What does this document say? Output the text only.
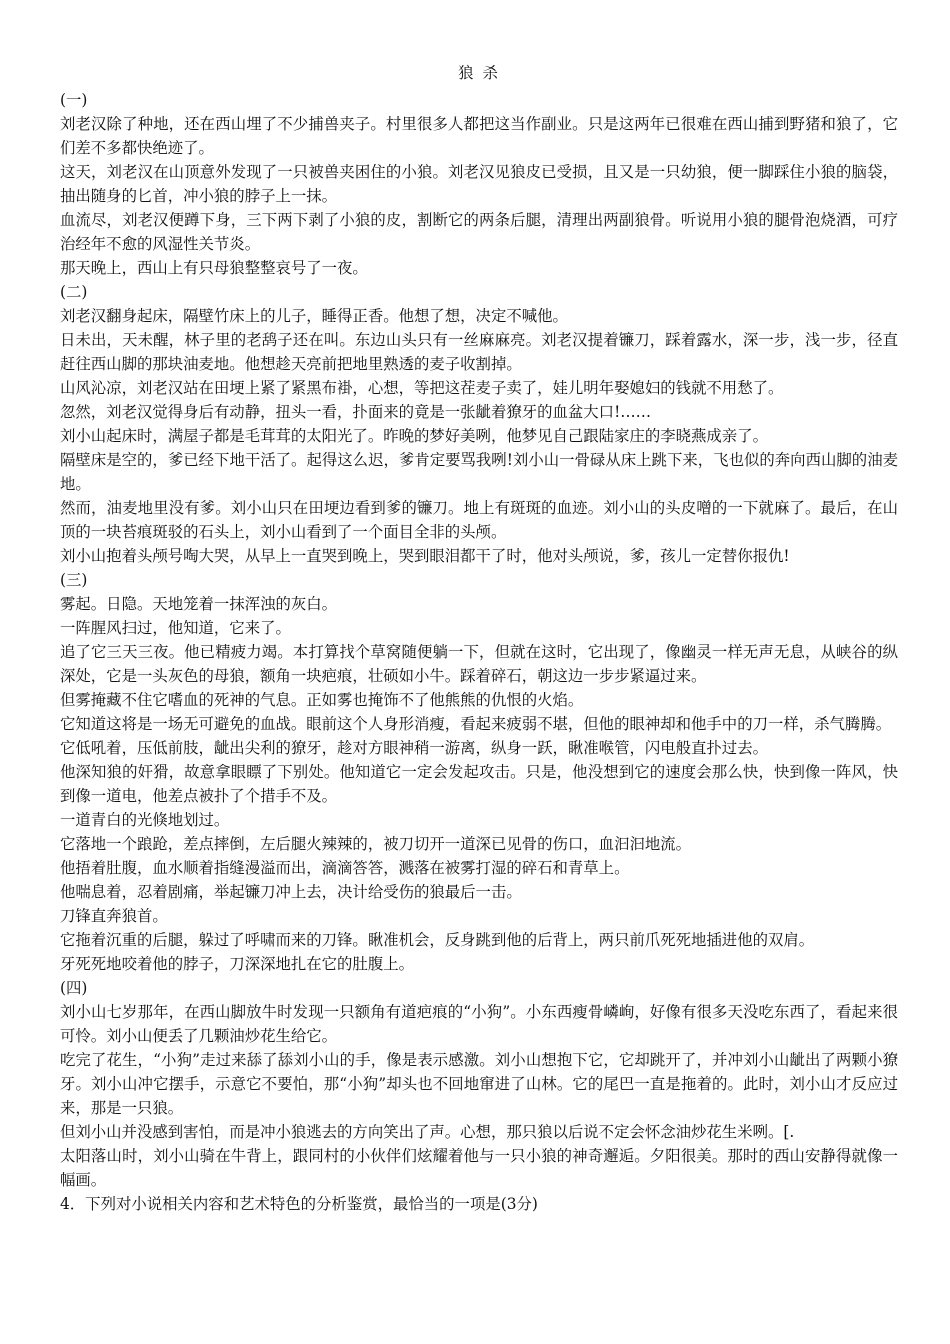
狼 杀

(一)

刘老汉除了种地，还在西山埋了不少捕兽夹子。村里很多人都把这当作副业。只是这两年已很难在西山捕到野猪和狼了，它们差不多都快绝迹了。

这天，刘老汉在山顶意外发现了一只被兽夹困住的小狼。刘老汉见狼皮已受损，且又是一只幼狼，便一脚踩住小狼的脑袋，抽出随身的匕首，冲小狼的脖子上一抹。

血流尽，刘老汉便蹲下身，三下两下剥了小狼的皮，割断它的两条后腿，清理出两副狼骨。听说用小狼的腿骨泡烧酒，可疗治经年不愈的风湿性关节炎。

那天晚上，西山上有只母狼整整哀号了一夜。

(二)

刘老汉翻身起床，隔壁竹床上的儿子，睡得正香。他想了想，决定不喊他。

日未出，天未醒，林子里的老鸹子还在叫。东边山头只有一丝麻麻亮。刘老汉提着镰刀，踩着露水，深一步，浅一步，径直赶往西山脚的那块油麦地。他想趁天亮前把地里熟透的麦子收割掉。

山风沁凉，刘老汉站在田埂上紧了紧黑布褂，心想，等把这茬麦子卖了，娃儿明年娶媳妇的钱就不用愁了。

忽然，刘老汉觉得身后有动静，扭头一看，扑面来的竟是一张龇着獠牙的血盆大口!……

刘小山起床时，满屋子都是毛茸茸的太阳光了。昨晚的梦好美咧，他梦见自己跟陆家庄的李晓燕成亲了。

隔壁床是空的，爹已经下地干活了。起得这么迟，爹肯定要骂我咧!刘小山一骨碌从床上跳下来，飞也似的奔向西山脚的油麦地。

然而，油麦地里没有爹。刘小山只在田埂边看到爹的镰刀。地上有斑斑的血迹。刘小山的头皮噌的一下就麻了。最后，在山顶的一块苔痕斑驳的石头上，刘小山看到了一个面目全非的头颅。

刘小山抱着头颅号啕大哭，从早上一直哭到晚上，哭到眼泪都干了时，他对头颅说，爹，孩儿一定替你报仇!

(三)

雾起。日隐。天地笼着一抹浑浊的灰白。

一阵腥风扫过，他知道，它来了。

追了它三天三夜。他已精疲力竭。本打算找个草窝随便躺一下，但就在这时，它出现了，像幽灵一样无声无息，从峡谷的纵深处，它是一头灰色的母狼，额角一块疤痕，壮硕如小牛。踩着碎石，朝这边一步步紧逼过来。

但雾掩藏不住它嗜血的死神的气息。正如雾也掩饰不了他熊熊的仇恨的火焰。

它知道这将是一场无可避免的血战。眼前这个人身形消瘦，看起来疲弱不堪，但他的眼神却和他手中的刀一样，杀气腾腾。

它低吼着，压低前肢，龇出尖利的獠牙，趁对方眼神稍一游离，纵身一跃，瞅准喉管，闪电般直扑过去。

他深知狼的奸猾，故意拿眼瞟了下别处。他知道它一定会发起攻击。只是，他没想到它的速度会那么快，快到像一阵风，快到像一道电，他差点被扑了个措手不及。

一道青白的光倏地划过。

它落地一个踉跄，差点摔倒，左后腿火辣辣的，被刀切开一道深已见骨的伤口，血汩汩地流。

他捂着肚腹，血水顺着指缝漫溢而出，滴滴答答，溅落在被雾打湿的碎石和青草上。

他喘息着，忍着剧痛，举起镰刀冲上去，决计给受伤的狼最后一击。

刀锋直奔狼首。

它拖着沉重的后腿，躲过了呼啸而来的刀锋。瞅准机会，反身跳到他的后背上，两只前爪死死地插进他的双肩。

牙死死地咬着他的脖子，刀深深地扎在它的肚腹上。

(四)

刘小山七岁那年，在西山脚放牛时发现一只额角有道疤痕的“小狗”。小东西瘦骨嶙峋，好像有很多天没吃东西了，看起来很可怜。刘小山便丢了几颗油炒花生给它。

吃完了花生，“小狗”走过来舔了舔刘小山的手，像是表示感激。刘小山想抱下它，它却跳开了，并冲刘小山龇出了两颗小獠牙。刘小山冲它摆手，示意它不要怕，那“小狗”却头也不回地窜进了山林。它的尾巴一直是拖着的。此时，刘小山才反应过来，那是一只狼。

但刘小山并没感到害怕，而是冲小狼逃去的方向笑出了声。心想，那只狼以后说不定会怀念油炒花生米咧。[.

太阳落山时，刘小山骑在牛背上，跟同村的小伙伴们炫耀着他与一只小狼的神奇邂逅。夕阳很美。那时的西山安静得就像一幅画。

4．下列对小说相关内容和艺术特色的分析鉴赏，最恰当的一项是(3分)
